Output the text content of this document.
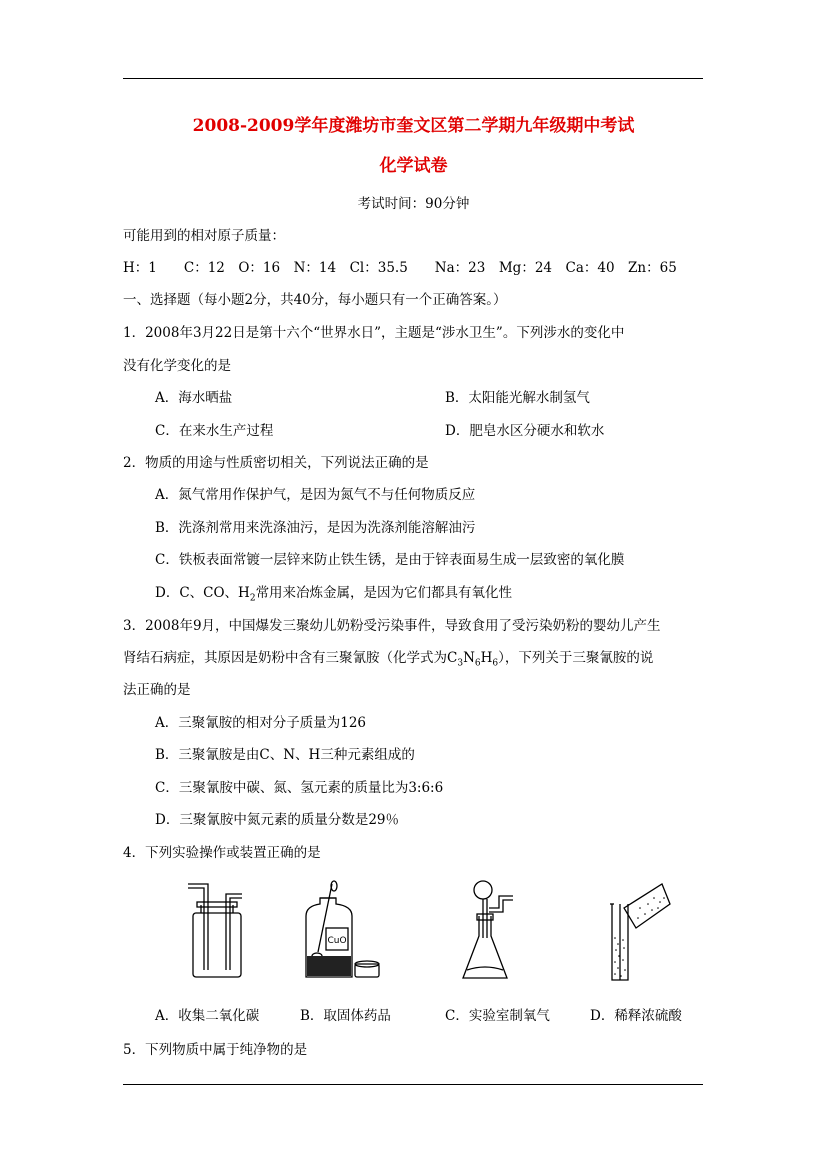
2008-2009学年度潍坊市奎文区第二学期九年级期中考试
化学试卷
考试时间：90分钟
可能用到的相对原子质量：
H：1　　C：12　O：16　N：14　Cl：35.5　　Na：23　Mg：24　Ca：40　Zn：65
一、选择题（每小题2分，共40分，每小题只有一个正确答案。）
1．2008年3月22日是第十六个“世界水日”，主题是“涉水卫生”。下列涉水的变化中
没有化学变化的是
A．海水晒盐	B．太阳能光解水制氢气
C．在来水生产过程	D．肥皂水区分硬水和软水
2．物质的用途与性质密切相关，下列说法正确的是
A．氮气常用作保护气，是因为氮气不与任何物质反应
B．洗涤剂常用来洗涤油污，是因为洗涤剂能溶解油污
C．铁板表面常镀一层锌来防止铁生锈，是由于锌表面易生成一层致密的氧化膜
D．C、CO、$H_2$常用来冶炼金属，是因为它们都具有氧化性
3．2008年9月，中国爆发三聚幼儿奶粉受污染事件，导致食用了受污染奶粉的婴幼儿产生
肾结石病症，其原因是奶粉中含有三聚氰胺（化学式为$C_3N_6H_6$），下列关于三聚氰胺的说
法正确的是
A．三聚氰胺的相对分子质量为126
B．三聚氰胺是由C、N、H三种元素组成的
C．三聚氰胺中碳、氮、氢元素的质量比为3:6:6
D．三聚氰胺中氮元素的质量分数是29％
4．下列实验操作或装置正确的是
CuO
A．收集二氧化碳	B．取固体药品	C．实验室制氧气	D．稀释浓硫酸
5．下列物质中属于纯净物的是
